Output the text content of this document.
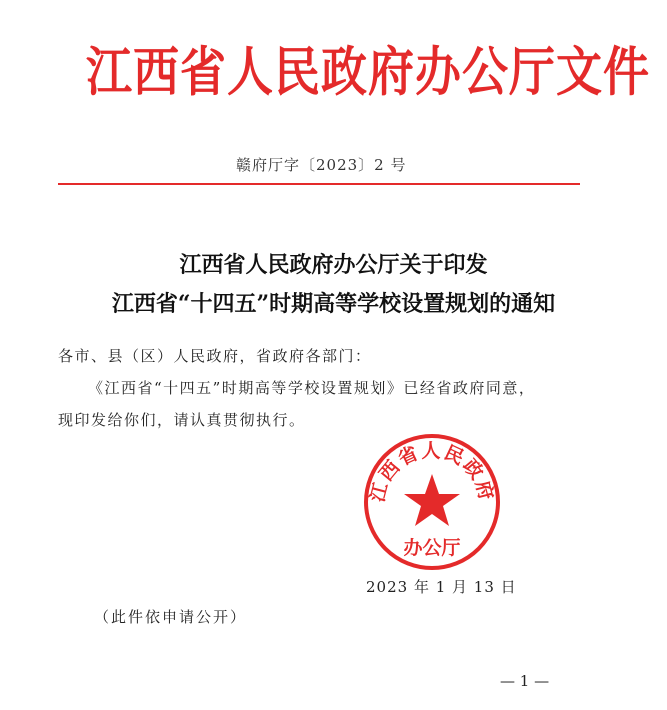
江西省人民政府办公厅文件
赣府厅字〔2023〕2 号
江西省人民政府办公厅关于印发
江西省“十四五”时期高等学校设置规划的通知
各市、县（区）人民政府，省政府各部门：
《江西省“十四五”时期高等学校设置规划》已经省政府同意，
现印发给你们，请认真贯彻执行。
江西省人民政府
办公厅
2023 年 1 月 13 日
（此件依申请公开）
— 1 —
